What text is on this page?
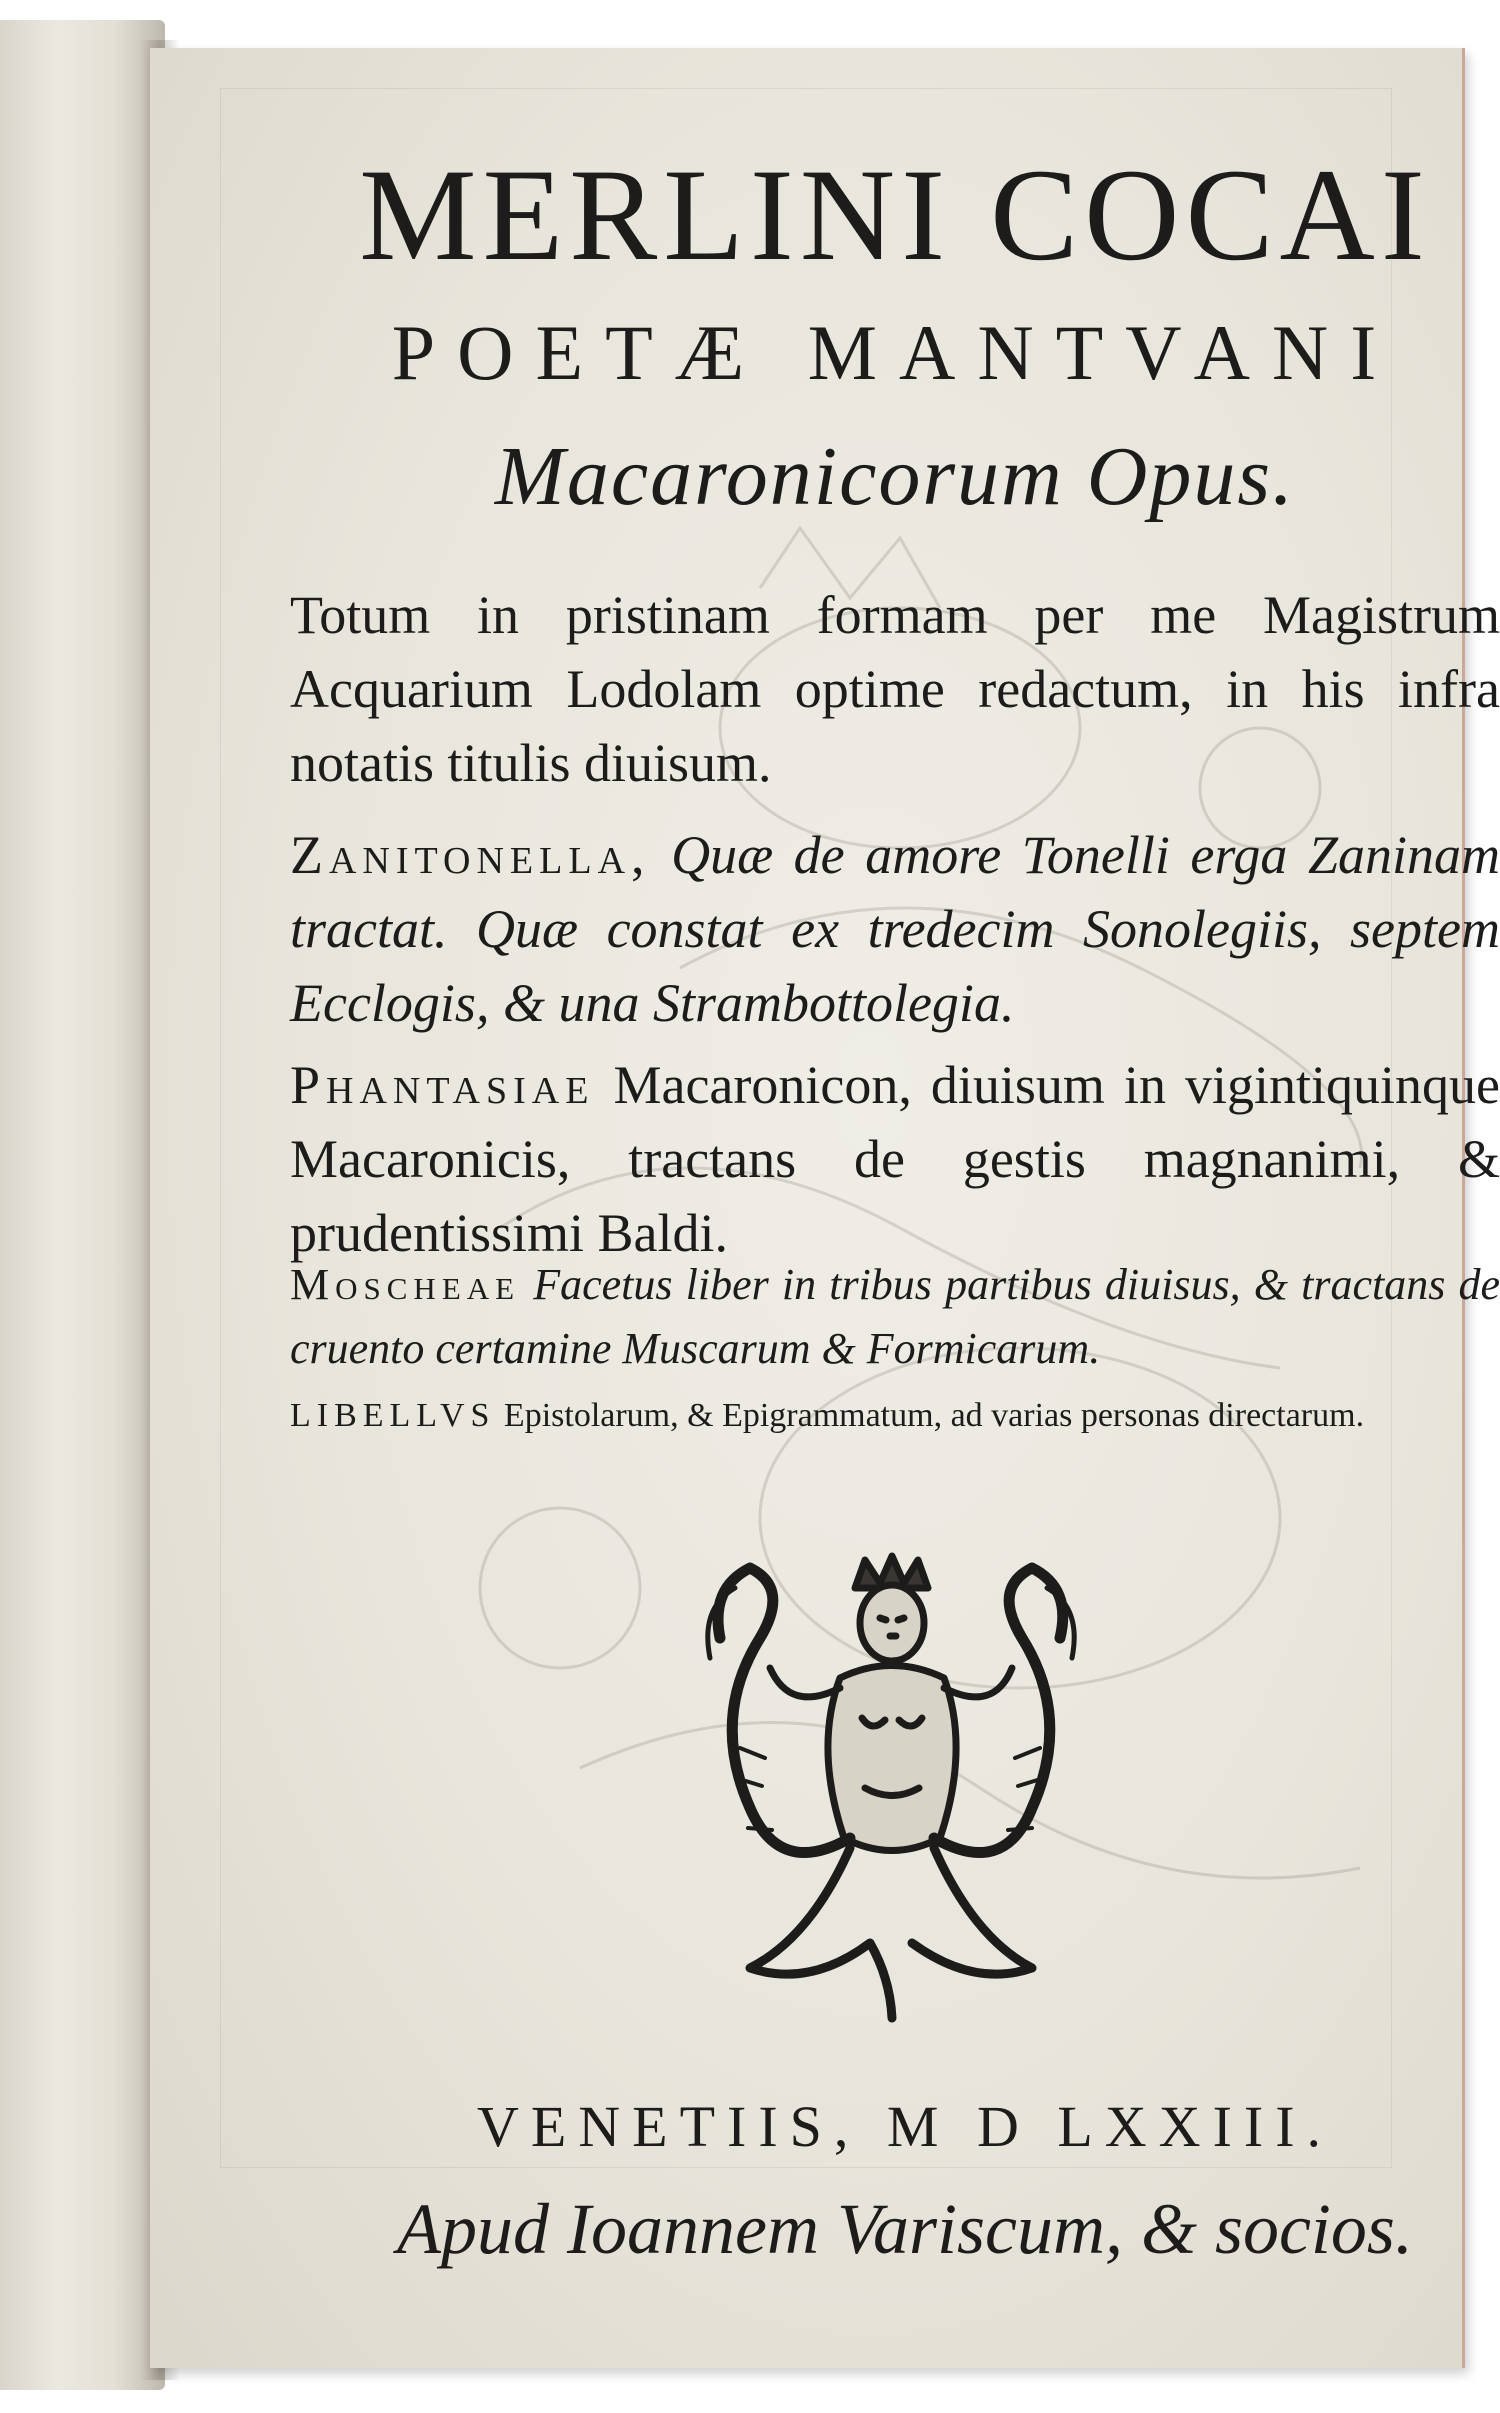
MERLINI COCAI
POETÆ MANTVANI
Macaronicorum Opus.
Totum in pristinam formam per me Magistrum Acquarium Lodolam optime redactum, in his infra notatis titulis diuisum.
Zanitonella, Quæ de amore Tonelli erga Zaninam tractat. Quæ constat ex tredecim Sonolegiis, septem Ecclogis, & una Strambottolegia.
Phantasiae Macaronicon, diuisum in vigintiquinque Macaronicis, tractans de gestis magnanimi, & prudentissimi Baldi.
Moscheae Facetus liber in tribus partibus diuisus, & tractans de cruento certamine Muscarum & Formicarum.
LIBELLVS Epistolarum, & Epigrammatum, ad varias personas directarum.
VENETIIS, M D LXXIII.
Apud Ioannem Variscum, & socios.
